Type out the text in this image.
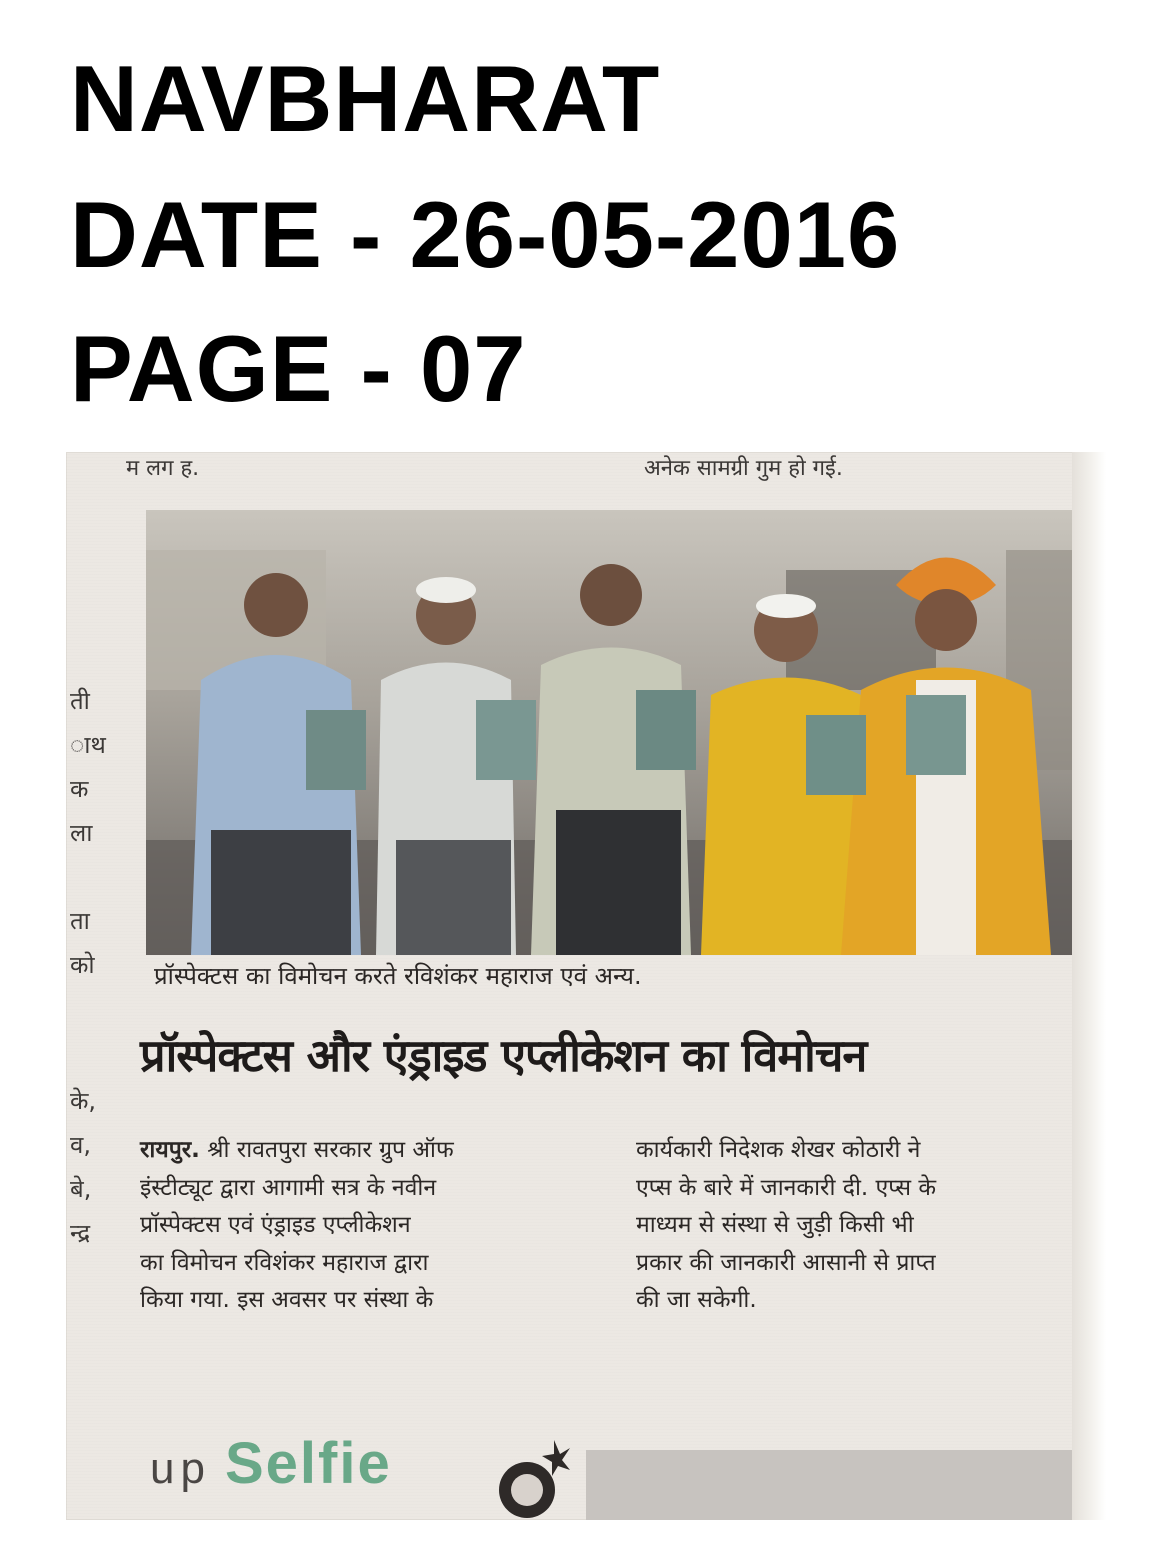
NAVBHARAT
DATE - 26-05-2016
PAGE - 07
म लग ह.	अनेक सामग्री गुम हो गई.
ती
ाथ
क
ला
ता
को
के,
व,
बे,
न्द्र
प्रॉस्पेक्टस का विमोचन करते रविशंकर महाराज एवं अन्य.
प्रॉस्पेक्टस और एंड्राइड एप्लीकेशन का विमोचन
रायपुर. श्री रावतपुरा सरकार ग्रुप ऑफ
इंस्टीट्यूट द्वारा आगामी सत्र के नवीन
प्रॉस्पेक्टस एवं एंड्राइड एप्लीकेशन
का विमोचन रविशंकर महाराज द्वारा
किया गया. इस अवसर पर संस्था के
कार्यकारी निदेशक शेखर कोठारी ने
एप्स के बारे में जानकारी दी. एप्स के
माध्यम से संस्था से जुड़ी किसी भी
प्रकार की जानकारी आसानी से प्राप्त
की जा सकेगी.
up Selfie
